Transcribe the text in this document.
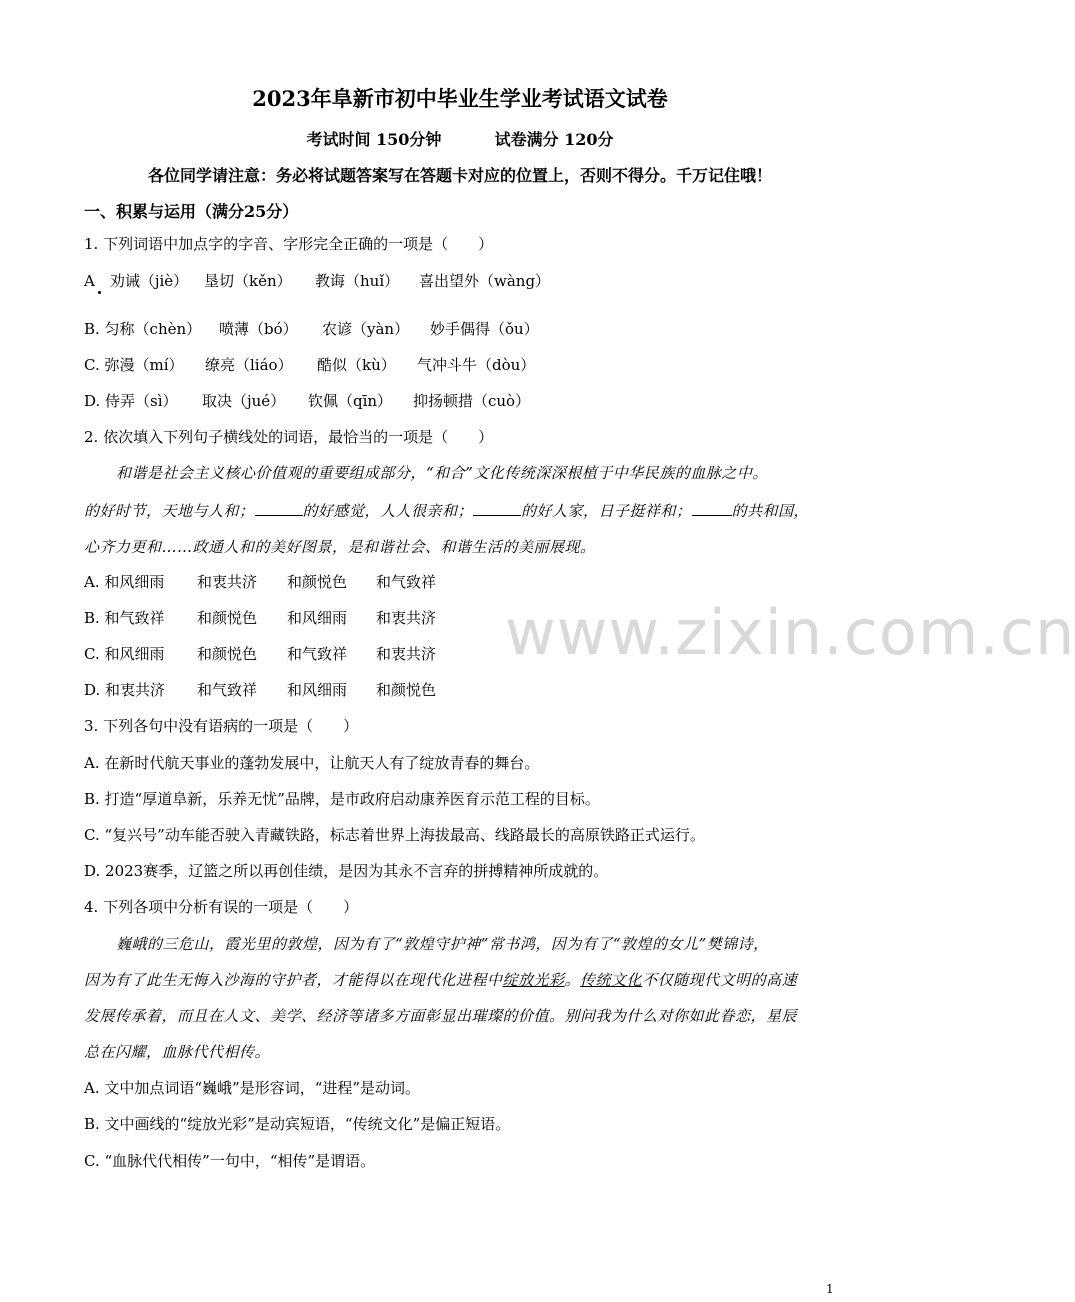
www.zixin.com.cn
2023年阜新市初中毕业生学业考试语文试卷
考试时间 150分钟	试卷满分 120分
各位同学请注意：务必将试题答案写在答题卡对应的位置上，否则不得分。千万记住哦！
一、积累与运用（满分25分）
1. 下列词语中加点字的字音、字形完全正确的一项是（　　）
A　劝诫（jiè） 垦切（kěn） 教诲（huǐ） 喜出望外（wàng）
B. 匀称（chèn） 喷薄（bó） 农谚（yàn） 妙手偶得（ǒu）
C. 弥漫（mí） 缭亮（liáo） 酷似（kù） 气冲斗牛（dòu）
D. 侍弄（sì） 取决（jué） 钦佩（qīn） 抑扬顿措（cuò）
2. 依次填入下列句子横线处的词语，最恰当的一项是（　　）
和谐是社会主义核心价值观的重要组成部分，“和合”文化传统深深根植于中华民族的血脉之中。
的好时节，天地与人和；	的好感觉，人人很亲和；	的好人家，日子挺祥和；	的共和国，
心齐力更和……政通人和的美好图景，是和谐社会、和谐生活的美丽展现。
A. 和风细雨 和衷共济 和颜悦色 和气致祥
B. 和气致祥 和颜悦色 和风细雨 和衷共济
C. 和风细雨 和颜悦色 和气致祥 和衷共济
D. 和衷共济 和气致祥 和风细雨 和颜悦色
3. 下列各句中没有语病的一项是（　　）
A. 在新时代航天事业的蓬勃发展中，让航天人有了绽放青春的舞台。
B. 打造“厚道阜新，乐养无忧”品牌，是市政府启动康养医育示范工程的目标。
C. “复兴号”动车能否驶入青藏铁路，标志着世界上海拔最高、线路最长的高原铁路正式运行。
D. 2023赛季，辽篮之所以再创佳绩，是因为其永不言弃的拼搏精神所成就的。
4. 下列各项中分析有误的一项是（　　）
巍峨的三危山，霞光里的敦煌，因为有了“敦煌守护神”常书鸿，因为有了“敦煌的女儿”樊锦诗，
因为有了此生无悔入沙海的守护者，才能得以在现代化进程中绽放光彩。传统文化不仅随现代文明的高速
发展传承着，而且在人文、美学、经济等诸多方面彰显出璀璨的价值。别问我为什么对你如此眷恋，星辰
总在闪耀，血脉代代相传。
A. 文中加点词语“巍峨”是形容词，“进程”是动词。
B. 文中画线的“绽放光彩”是动宾短语，“传统文化”是偏正短语。
C. “血脉代代相传”一句中，“相传”是谓语。
1
